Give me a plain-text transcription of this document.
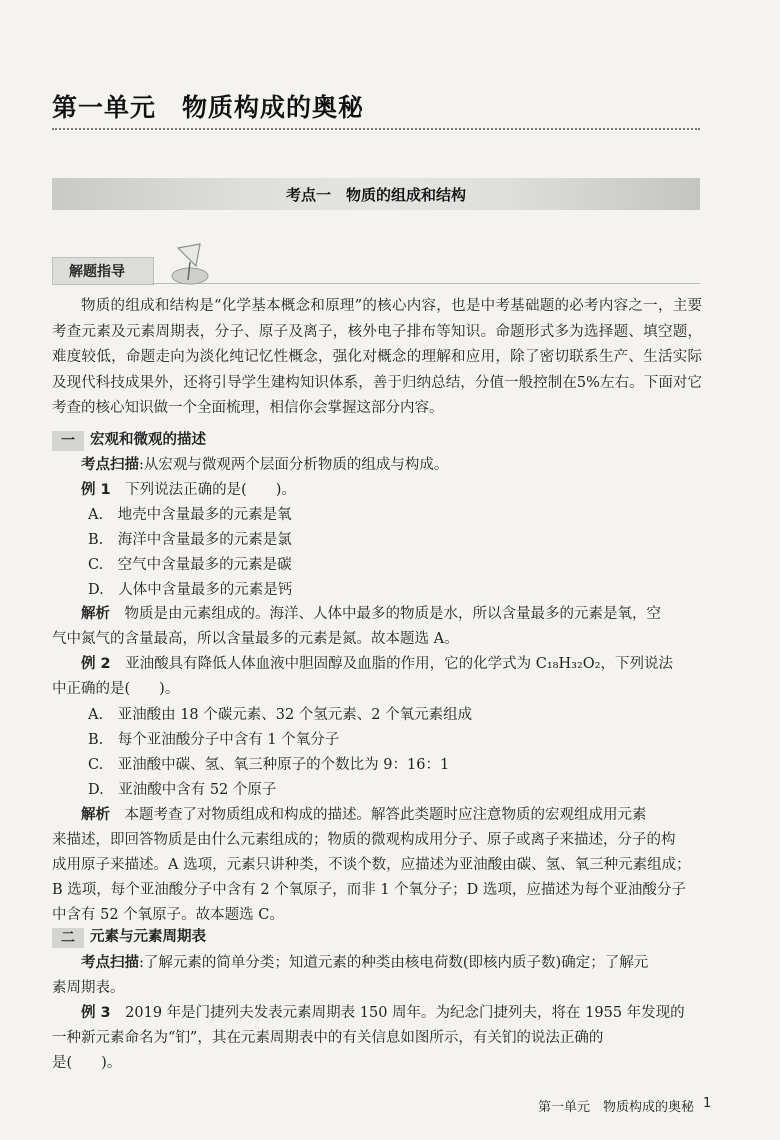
第一单元　物质构成的奥秘
考点一　物质的组成和结构
解题指导
物质的组成和结构是“化学基本概念和原理”的核心内容，也是中考基础题的必考内容之一，主要考查元素及元素周期表，分子、原子及离子，核外电子排布等知识。命题形式多为选择题、填空题，难度较低，命题走向为淡化纯记忆性概念，强化对概念的理解和应用，除了密切联系生产、生活实际及现代科技成果外，还将引导学生建构知识体系，善于归纳总结，分值一般控制在5%左右。下面对它考查的核心知识做一个全面梳理，相信你会掌握这部分内容。
一 宏观和微观的描述
考点扫描:从宏观与微观两个层面分析物质的组成与构成。
例 1　 下列说法正确的是(　　)。
A.　地壳中含量最多的元素是氧
B.　海洋中含量最多的元素是氯
C.　空气中含量最多的元素是碳
D.　人体中含量最多的元素是钙
解析　 物质是由元素组成的。海洋、人体中最多的物质是水，所以含量最多的元素是氧，空
气中氮气的含量最高，所以含量最多的元素是氮。故本题选 A。
例 2　 亚油酸具有降低人体血液中胆固醇及血脂的作用，它的化学式为 C₁₈H₃₂O₂，下列说法
中正确的是(　　)。
A.　亚油酸由 18 个碳元素、32 个氢元素、2 个氧元素组成
B.　每个亚油酸分子中含有 1 个氧分子
C.　亚油酸中碳、氢、氧三种原子的个数比为 9：16：1
D.　亚油酸中含有 52 个原子
解析　 本题考查了对物质组成和构成的描述。解答此类题时应注意物质的宏观组成用元素
来描述，即回答物质是由什么元素组成的；物质的微观构成用分子、原子或离子来描述，分子的构
成用原子来描述。A 选项，元素只讲种类，不谈个数，应描述为亚油酸由碳、氢、氧三种元素组成；
B 选项，每个亚油酸分子中含有 2 个氧原子，而非 1 个氧分子；D 选项，应描述为每个亚油酸分子
中含有 52 个氧原子。故本题选 C。
二 元素与元素周期表
考点扫描:了解元素的简单分类；知道元素的种类由核电荷数(即核内质子数)确定；了解元
素周期表。
例 3　 2019 年是门捷列夫发表元素周期表 150 周年。为纪念门捷列夫，将在 1955 年发现的
一种新元素命名为“钔”，其在元素周期表中的有关信息如图所示，有关钔的说法正确的
是(　　)。
第一单元　物质构成的奥秘 1
